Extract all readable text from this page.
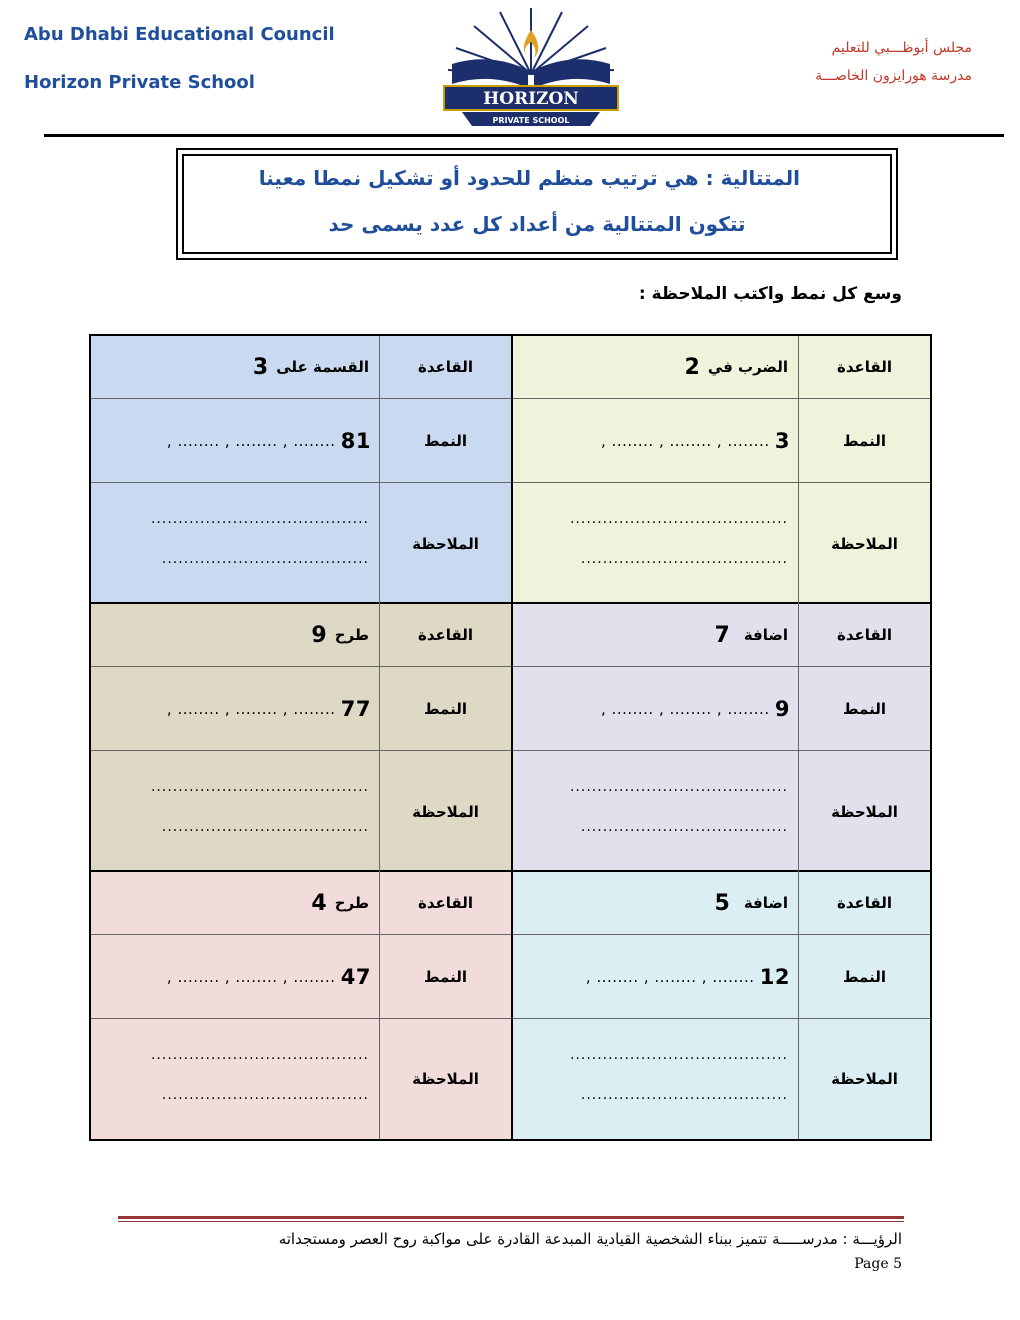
Abu Dhabi Educational Council
Horizon Private School
مجلس أبوظـــبي للتعليم
مدرسة هورايزون الخاصـــة
HORIZON
PRIVATE SCHOOL
المتتالية : هي ترتيب منظم للحدود أو تشكيل نمطا معينا
تتكون المتتالية من أعداد كل عدد يسمى حد
وسع كل نمط واكتب الملاحظة :
القاعدة
الضرب في
2
النمط
, ........ , ........ , ........
3
الملاحظة
........................................
......................................
القاعدة
القسمة على
3
النمط
, ........ , ........ , ........
81
الملاحظة
........................................
......................................
القاعدة
اضافة
7
النمط
, ........ , ........ , ........
9
الملاحظة
........................................
......................................
القاعدة
طرح
9
النمط
, ........ , ........ , ........
77
الملاحظة
........................................
......................................
القاعدة
اضافة
5
النمط
, ........ , ........ , ........
12
الملاحظة
........................................
......................................
القاعدة
طرح
4
النمط
, ........ , ........ , ........
47
الملاحظة
........................................
......................................
الرؤيـــة : مدرســـــة تتميز ببناء الشخصية القيادية المبدعة القادرة على مواكبة روح العصر ومستجداته
Page 5
